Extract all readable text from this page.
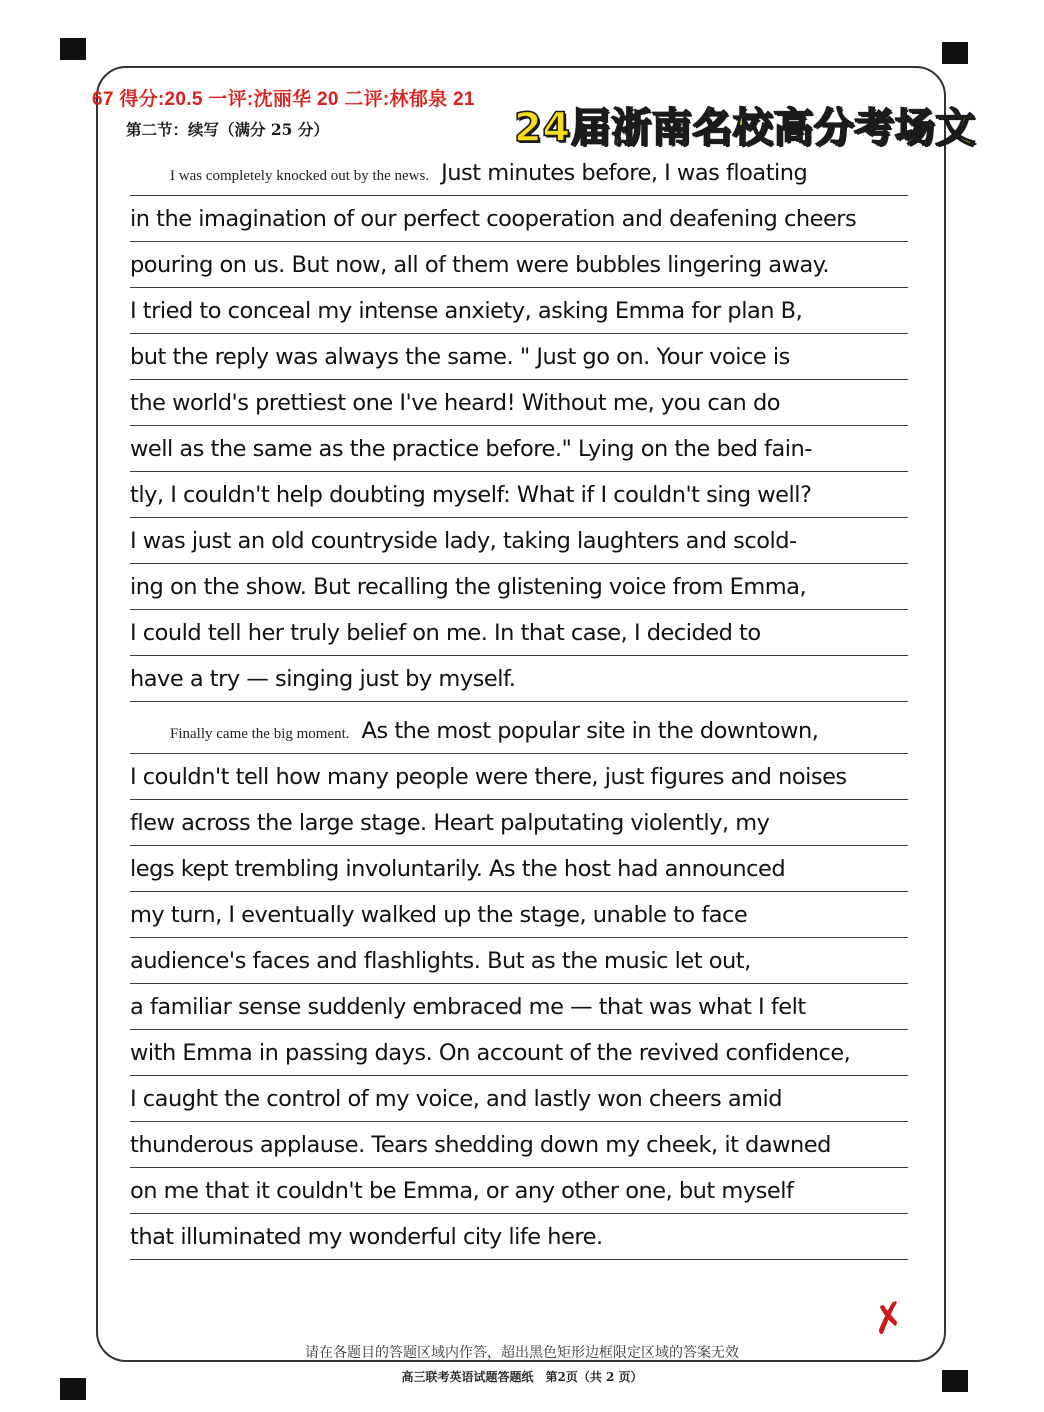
67 得分:20.5 一评:沈丽华 20 二评:林郁泉 21
24届浙南名校高分考场文
第二节：续写（满分 25 分）
I was completely knocked out by the news. Just minutes before, I was floating
in the imagination of our perfect cooperation and deafening cheers
pouring on us. But now, all of them were bubbles lingering away.
I tried to conceal my intense anxiety, asking Emma for plan B,
but the reply was always the same. " Just go on. Your voice is
the world's prettiest one I've heard! Without me, you can do
well as the same as the practice before." Lying on the bed fain-
tly, I couldn't help doubting myself: What if I couldn't sing well?
I was just an old countryside lady, taking laughters and scold-
ing on the show. But recalling the glistening voice from Emma,
I could tell her truly belief on me. In that case, I decided to
have a try — singing just by myself.
Finally came the big moment. As the most popular site in the downtown,
I couldn't tell how many people were there, just figures and noises
flew across the large stage. Heart palputating violently, my
legs kept trembling involuntarily. As the host had announced
my turn, I eventually walked up the stage, unable to face
audience's faces and flashlights. But as the music let out,
a familiar sense suddenly embraced me — that was what I felt
with Emma in passing days. On account of the revived confidence,
I caught the control of my voice, and lastly won cheers amid
thunderous applause. Tears shedding down my cheek, it dawned
on me that it couldn't be Emma, or any other one, but myself
that illuminated my wonderful city life here.
✗
请在各题目的答题区域内作答，超出黑色矩形边框限定区域的答案无效
高三联考英语试题答题纸　第2页（共 2 页）
